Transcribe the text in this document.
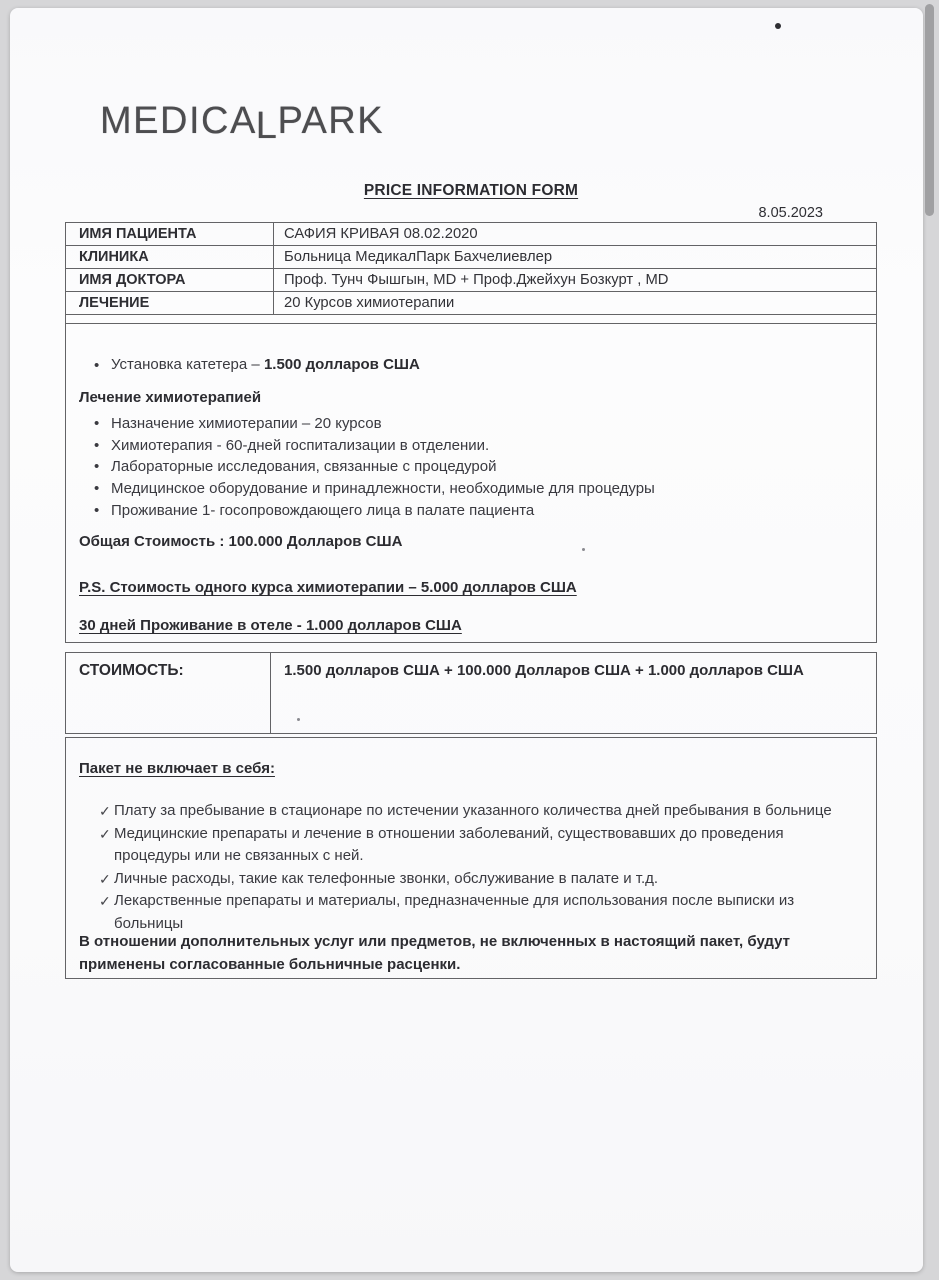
MEDICALPARK
PRICE INFORMATION FORM
8.05.2023
ИМЯ ПАЦИЕНТА	САФИЯ КРИВАЯ 08.02.2020
КЛИНИКА	Больница МедикалПарк Бахчелиевлер
ИМЯ ДОКТОРА	Проф. Тунч Фышгын, MD + Проф.Джейхун Бозкурт , MD
ЛЕЧЕНИЕ	20 Курсов химиотерапии
• Установка катетера – 1.500 долларов США
Лечение химиотерапией
• Назначение химиотерапии – 20 курсов
• Химиотерапия - 60-дней госпитализации в отделении.
• Лабораторные исследования, связанные с процедурой
• Медицинское оборудование и принадлежности, необходимые для процедуры
• Проживание 1- госопровождающего лица в палате пациента
Общая Стоимость : 100.000 Долларов США
P.S. Стоимость одного курса химиотерапии – 5.000 долларов США
30 дней Проживание в отеле - 1.000 долларов США
СТОИМОСТЬ:	1.500 долларов США + 100.000 Долларов США + 1.000 долларов США
Пакет не включает в себя:
✓ Плату за пребывание в стационаре по истечении указанного количества дней пребывания в больнице
✓ Медицинские препараты и лечение в отношении заболеваний, существовавших до проведения процедуры или не связанных с ней.
✓ Личные расходы, такие как телефонные звонки, обслуживание в палате и т.д.
✓ Лекарственные препараты и материалы, предназначенные для использования после выписки из больницы
В отношении дополнительных услуг или предметов, не включенных в настоящий пакет, будут применены согласованные больничные расценки.
